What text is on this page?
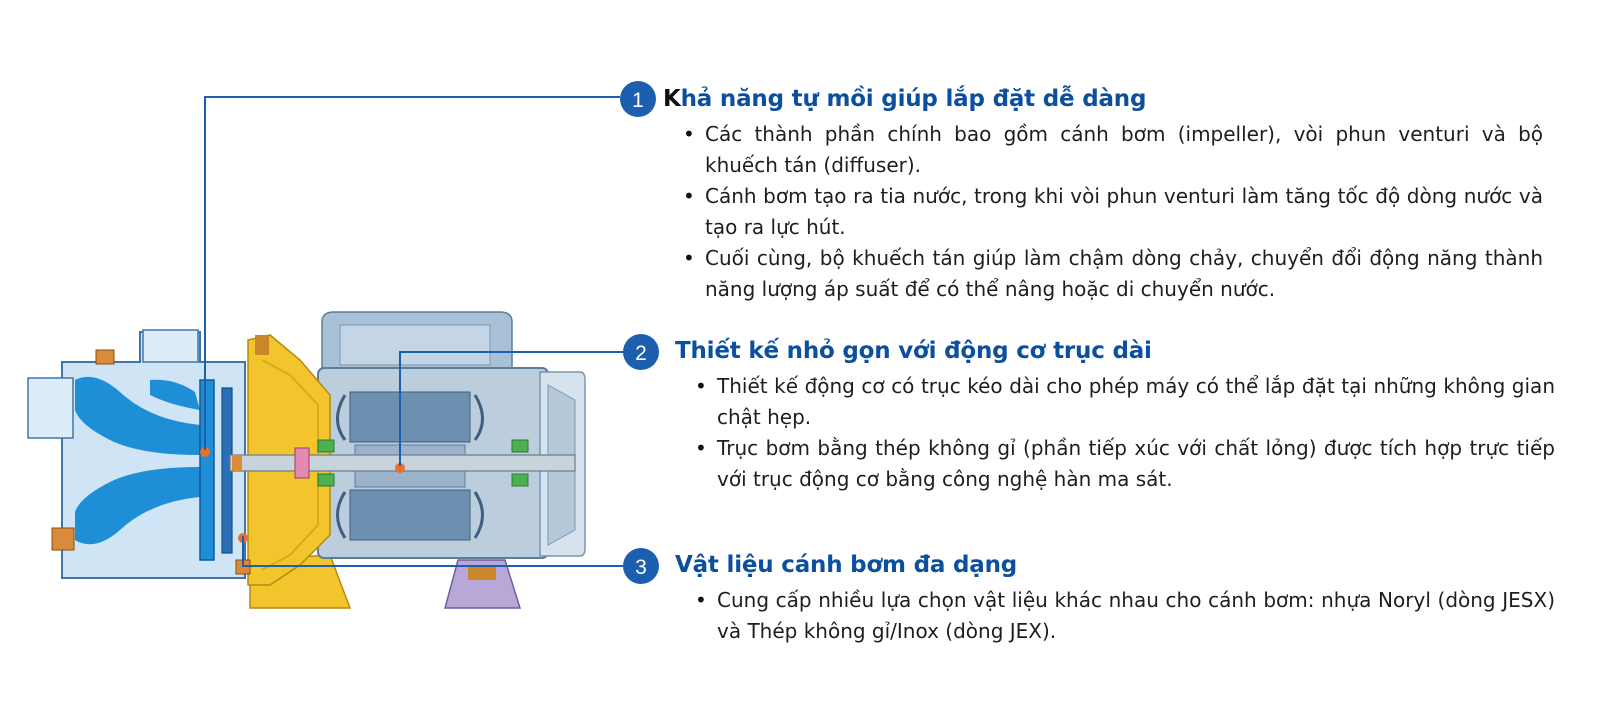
1
2
3
Khả năng tự mồi giúp lắp đặt dễ dàng
• Các thành phần chính bao gồm cánh bơm (impeller), vòi phun venturi và bộ khuếch tán (diffuser).
• Cánh bơm tạo ra tia nước, trong khi vòi phun venturi làm tăng tốc độ dòng nước và tạo ra lực hút.
• Cuối cùng, bộ khuếch tán giúp làm chậm dòng chảy, chuyển đổi động năng thành năng lượng áp suất để có thể nâng hoặc di chuyển nước.
Thiết kế nhỏ gọn với động cơ trục dài
• Thiết kế động cơ có trục kéo dài cho phép máy có thể lắp đặt tại những không gian chật hẹp.
• Trục bơm bằng thép không gỉ (phần tiếp xúc với chất lỏng) được tích hợp trực tiếp với trục động cơ bằng công nghệ hàn ma sát.
Vật liệu cánh bơm đa dạng
• Cung cấp nhiều lựa chọn vật liệu khác nhau cho cánh bơm: nhựa Noryl (dòng JESX) và Thép không gỉ/Inox (dòng JEX).
